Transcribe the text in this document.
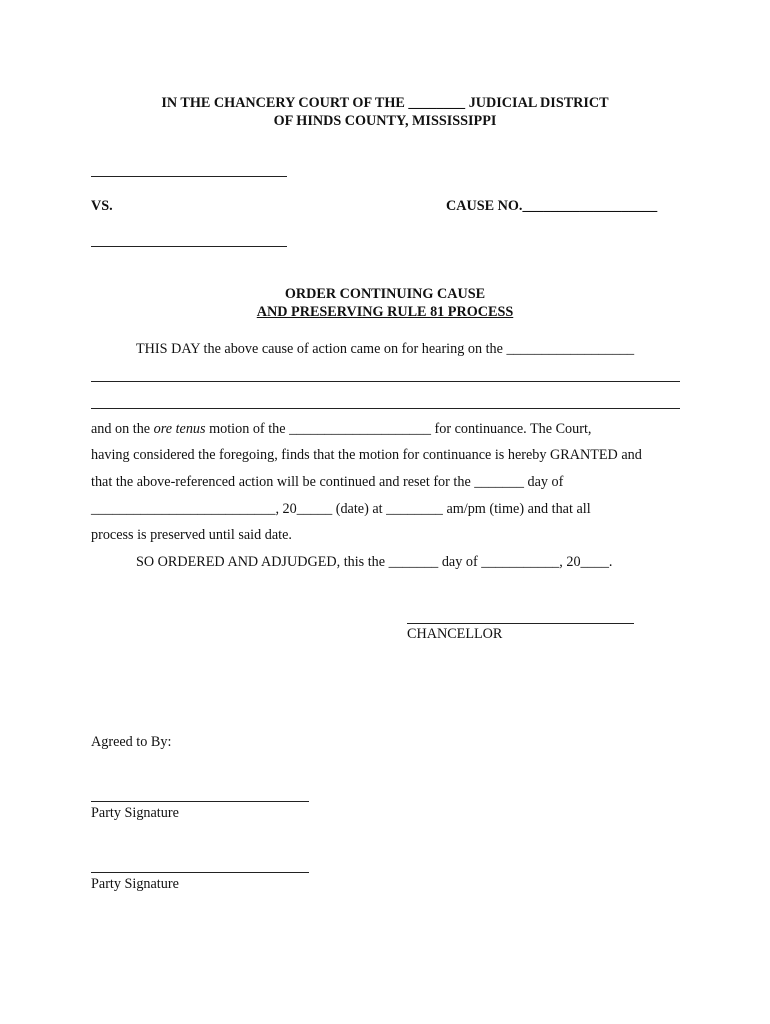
IN THE CHANCERY COURT OF THE ________ JUDICIAL DISTRICT
OF HINDS COUNTY, MISSISSIPPI
VS.	CAUSE NO.___________________
ORDER CONTINUING CAUSE
AND PRESERVING RULE 81 PROCESS
THIS DAY the above cause of action came on for hearing on the __________________
and on the ore tenus motion of the ____________________ for continuance. The Court,
having considered the foregoing, finds that the motion for continuance is hereby GRANTED and
that the above-referenced action will be continued and reset for the _______ day of
__________________________, 20_____ (date) at ________ am/pm (time) and that all
process is preserved until said date.
SO ORDERED AND ADJUDGED, this the _______ day of ___________, 20____.
CHANCELLOR
Agreed to By:
Party Signature
Party Signature
